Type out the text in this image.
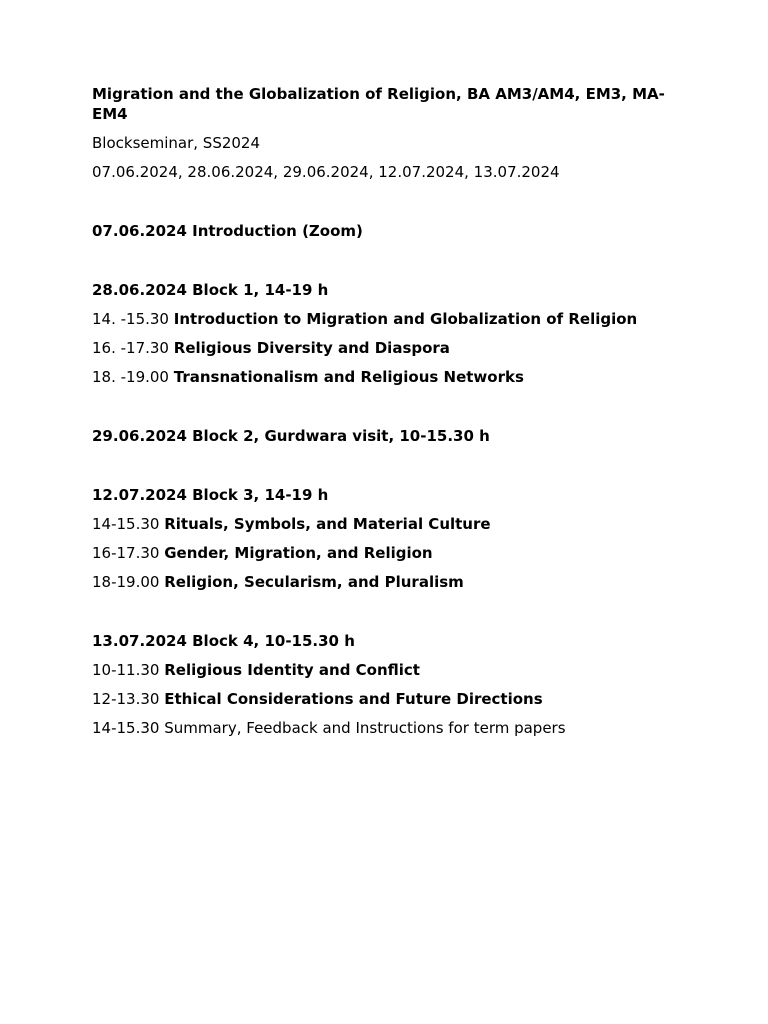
Migration and the Globalization of Religion, BA AM3/AM4, EM3, MA-EM4
Blockseminar, SS2024
07.06.2024, 28.06.2024, 29.06.2024, 12.07.2024, 13.07.2024
07.06.2024 Introduction (Zoom)
28.06.2024 Block 1, 14-19 h
14. -15.30 Introduction to Migration and Globalization of Religion
16. -17.30 Religious Diversity and Diaspora
18. -19.00 Transnationalism and Religious Networks
29.06.2024 Block 2, Gurdwara visit, 10-15.30 h
12.07.2024 Block 3, 14-19 h
14-15.30 Rituals, Symbols, and Material Culture
16-17.30 Gender, Migration, and Religion
18-19.00 Religion, Secularism, and Pluralism
13.07.2024 Block 4, 10-15.30 h
10-11.30 Religious Identity and Conflict
12-13.30 Ethical Considerations and Future Directions
14-15.30 Summary, Feedback and Instructions for term papers
